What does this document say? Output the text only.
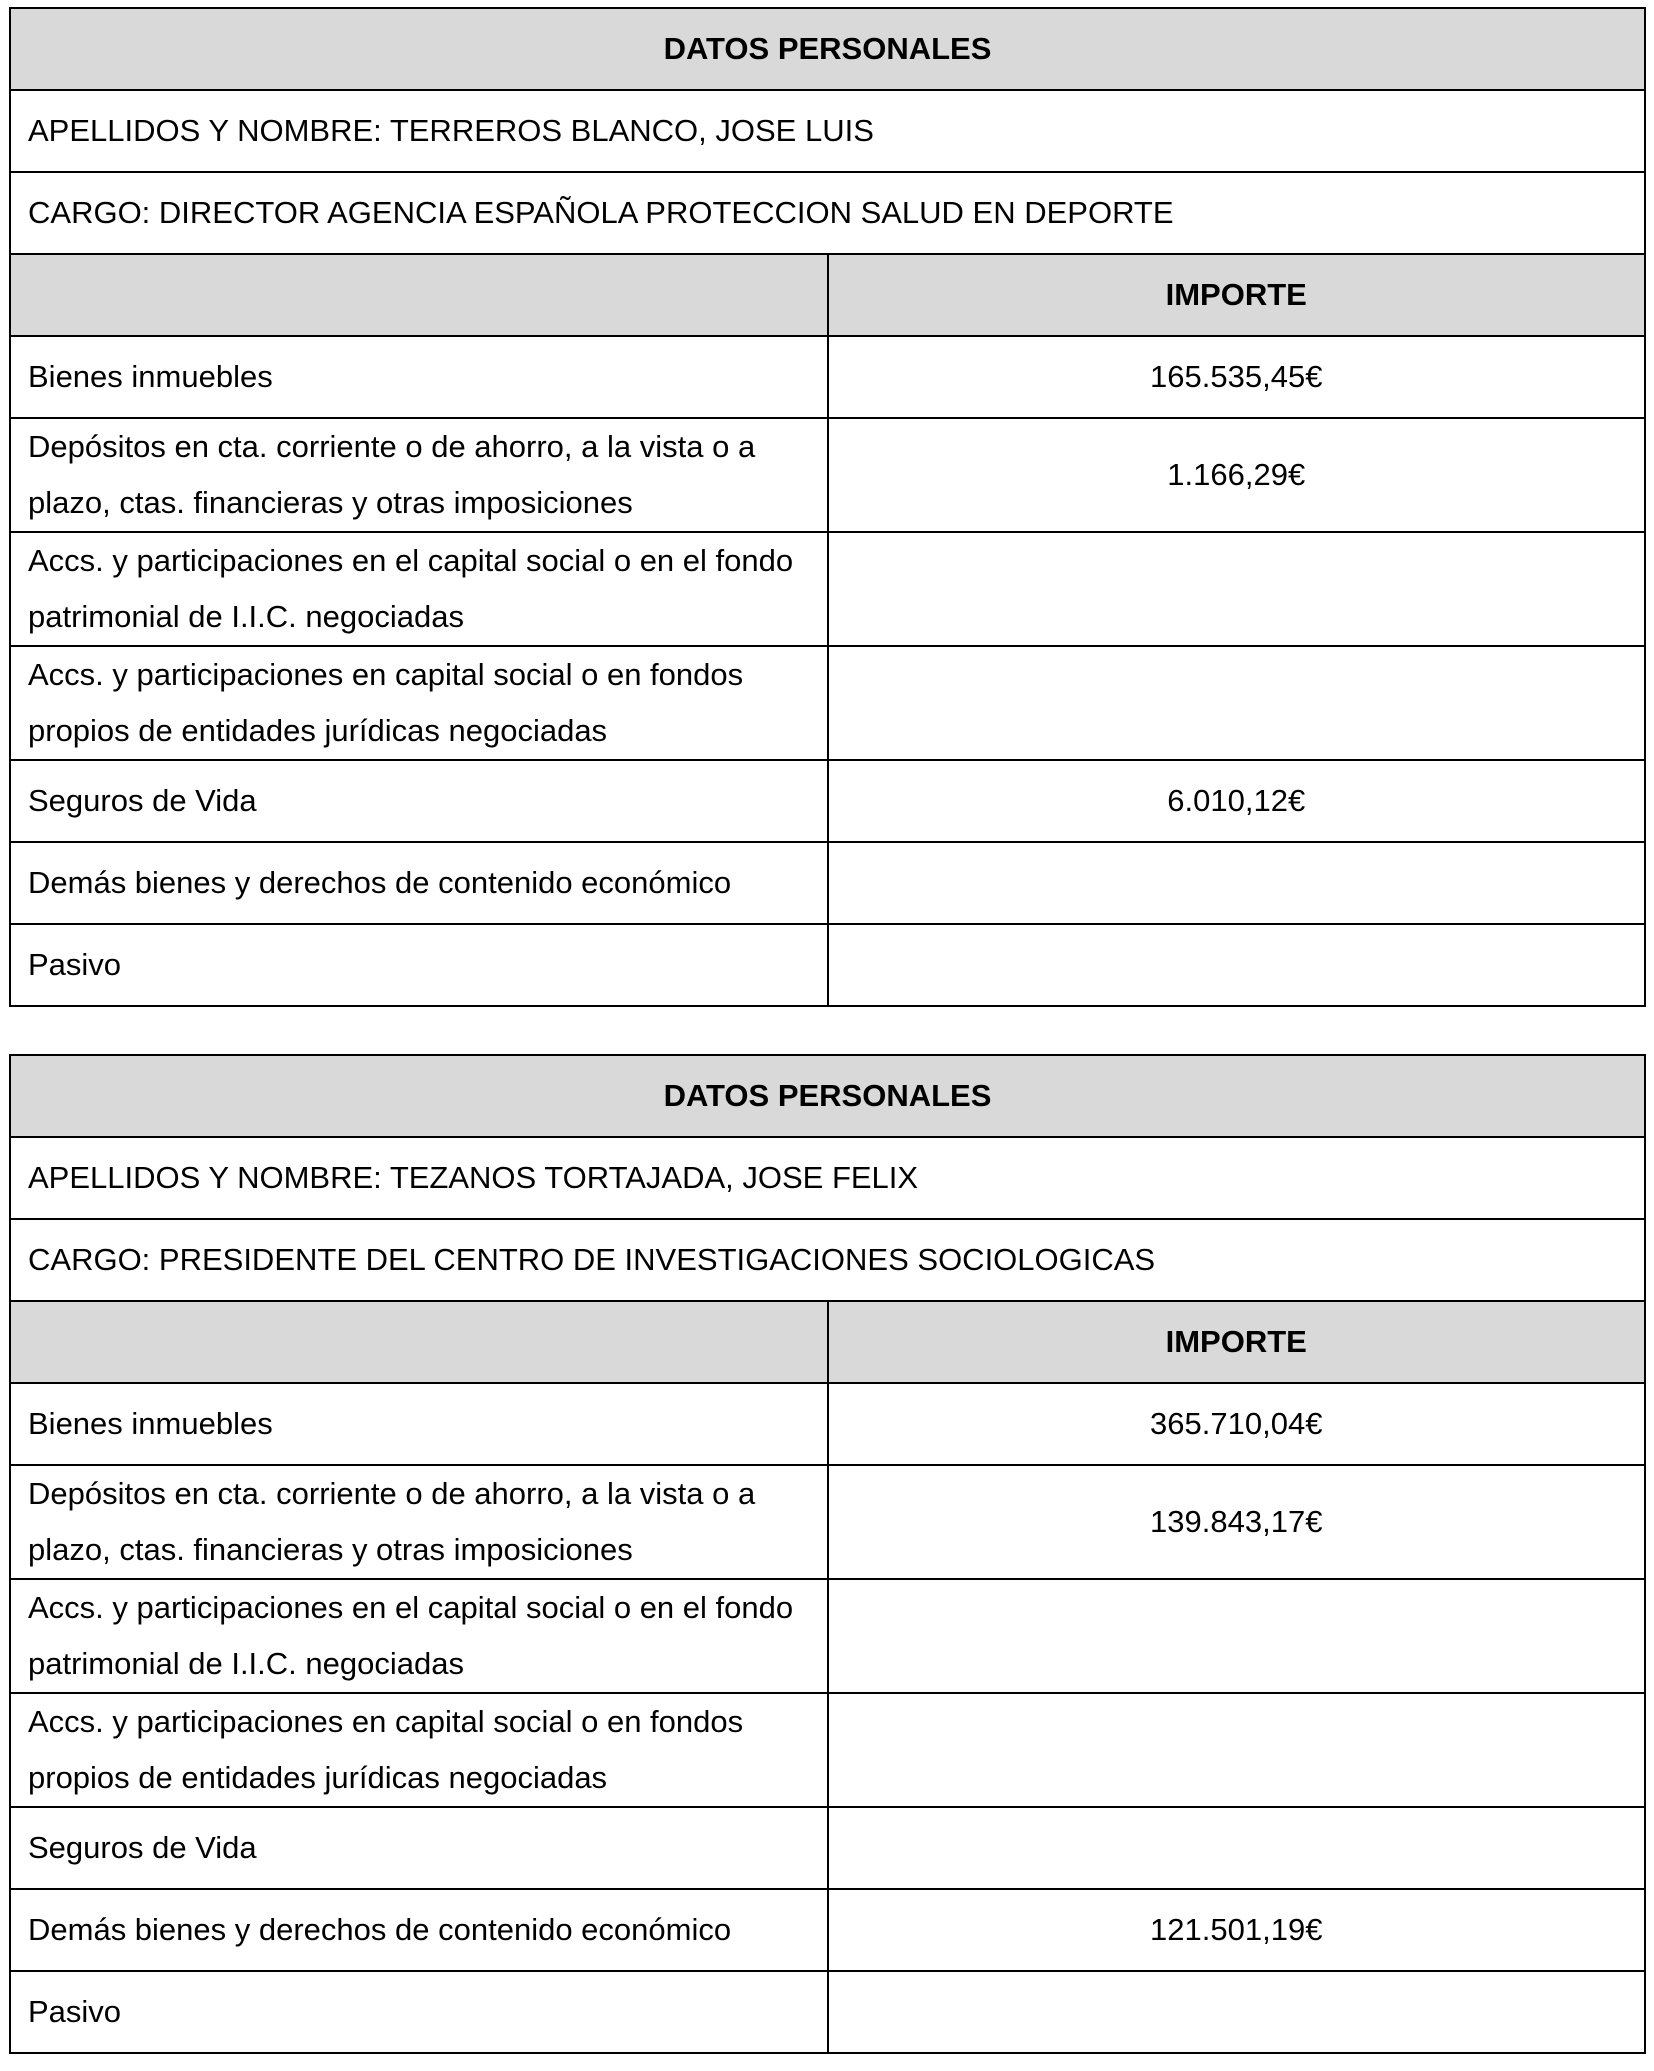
DATOS PERSONALES	
APELLIDOS Y NOMBRE: TERREROS BLANCO, JOSE LUIS	
CARGO: DIRECTOR AGENCIA ESPAÑOLA PROTECCION SALUD EN DEPORTE	
	IMPORTE
Bienes inmuebles	165.535,45€
Depósitos en cta. corriente o de ahorro, a la vista o a plazo, ctas. financieras y otras imposiciones	1.166,29€
Accs. y participaciones en el capital social o en el fondo patrimonial de I.I.C. negociadas	
Accs. y participaciones en capital social o en fondos propios de entidades jurídicas negociadas	
Seguros de Vida	6.010,12€
Demás bienes y derechos de contenido económico	
Pasivo	
DATOS PERSONALES	
APELLIDOS Y NOMBRE: TEZANOS TORTAJADA, JOSE FELIX	
CARGO: PRESIDENTE DEL CENTRO DE INVESTIGACIONES SOCIOLOGICAS	
	IMPORTE
Bienes inmuebles	365.710,04€
Depósitos en cta. corriente o de ahorro, a la vista o a plazo, ctas. financieras y otras imposiciones	139.843,17€
Accs. y participaciones en el capital social o en el fondo patrimonial de I.I.C. negociadas	
Accs. y participaciones en capital social o en fondos propios de entidades jurídicas negociadas	
Seguros de Vida	
Demás bienes y derechos de contenido económico	121.501,19€
Pasivo	
